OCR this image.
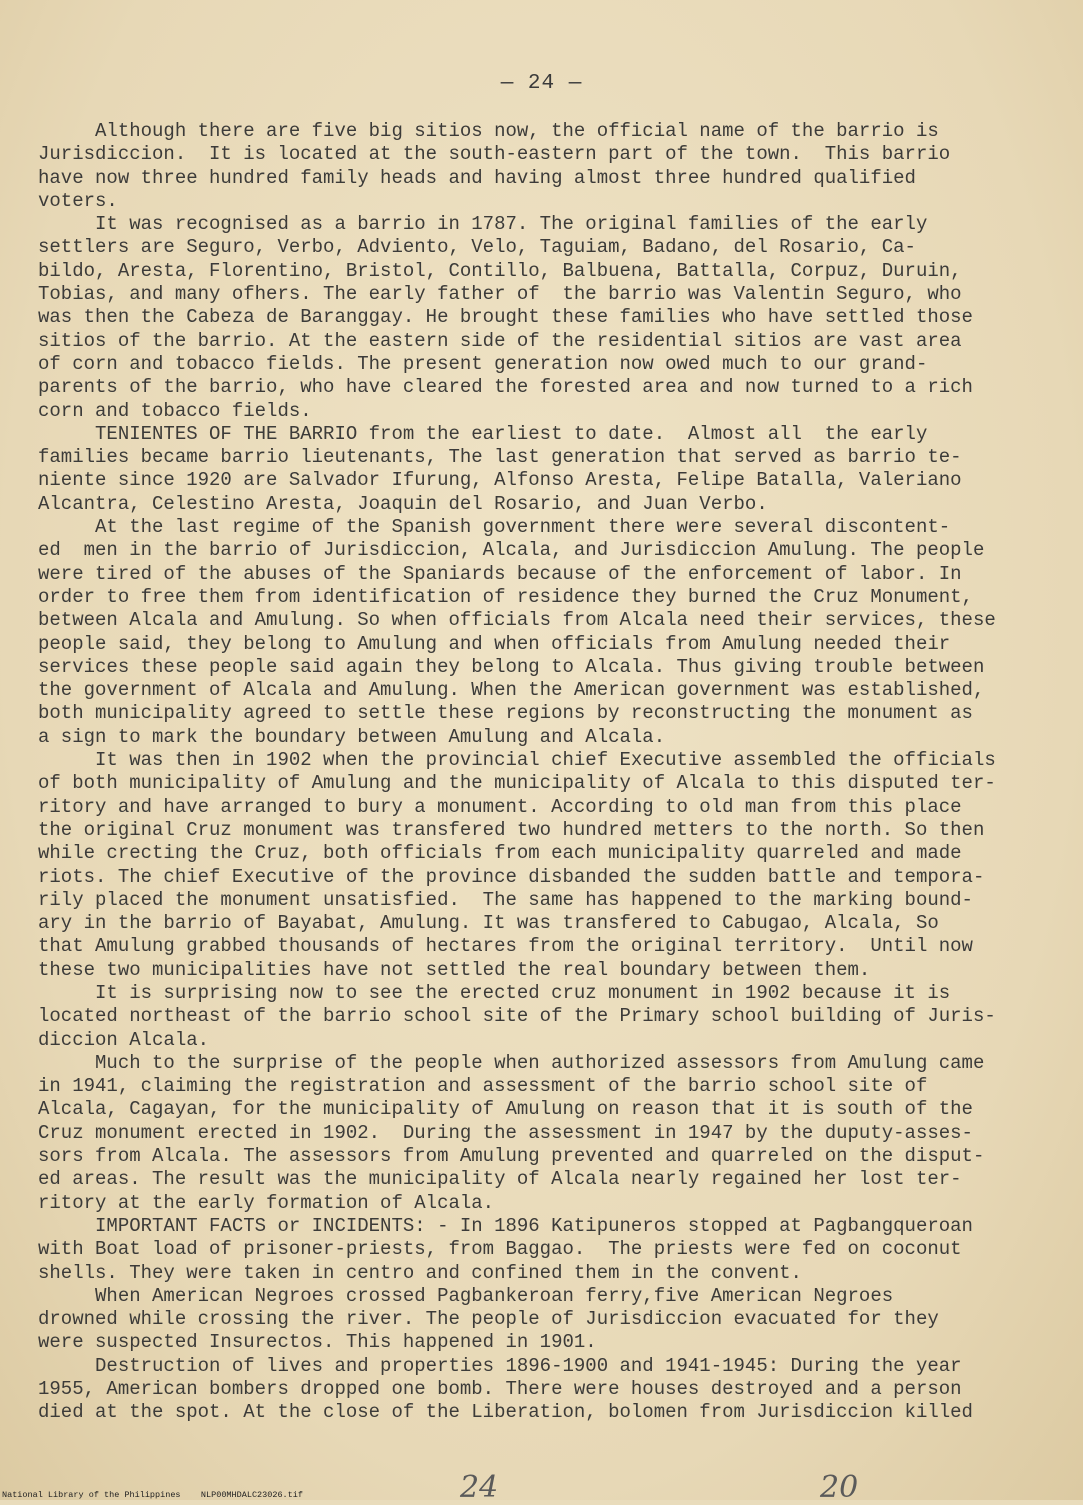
— 24 —
Although there are five big sitios now, the official name of the barrio is
Jurisdiccion.  It is located at the south-eastern part of the town.  This barrio
have now three hundred family heads and having almost three hundred qualified
voters.
It was recognised as a barrio in 1787. The original families of the early
settlers are Seguro, Verbo, Adviento, Velo, Taguiam, Badano, del Rosario, Ca-
bildo, Aresta, Florentino, Bristol, Contillo, Balbuena, Battalla, Corpuz, Duruin,
Tobias, and many ofhers. The early father of  the barrio was Valentin Seguro, who
was then the Cabeza de Baranggay. He brought these families who have settled those
sitios of the barrio. At the eastern side of the residential sitios are vast area
of corn and tobacco fields. The present generation now owed much to our grand-
parents of the barrio, who have cleared the forested area and now turned to a rich
corn and tobacco fields.
TENIENTES OF THE BARRIO from the earliest to date.  Almost all  the early
families became barrio lieutenants, The last generation that served as barrio te-
niente since 1920 are Salvador Ifurung, Alfonso Aresta, Felipe Batalla, Valeriano
Alcantra, Celestino Aresta, Joaquin del Rosario, and Juan Verbo.
At the last regime of the Spanish government there were several discontent-
ed  men in the barrio of Jurisdiccion, Alcala, and Jurisdiccion Amulung. The people
were tired of the abuses of the Spaniards because of the enforcement of labor. In
order to free them from identification of residence they burned the Cruz Monument,
between Alcala and Amulung. So when officials from Alcala need their services, these
people said, they belong to Amulung and when officials from Amulung needed their
services these people said again they belong to Alcala. Thus giving trouble between
the government of Alcala and Amulung. When the American government was established,
both municipality agreed to settle these regions by reconstructing the monument as
a sign to mark the boundary between Amulung and Alcala.
It was then in 1902 when the provincial chief Executive assembled the officials
of both municipality of Amulung and the municipality of Alcala to this disputed ter-
ritory and have arranged to bury a monument. According to old man from this place
the original Cruz monument was transfered two hundred metters to the north. So then
while crecting the Cruz, both officials from each municipality quarreled and made
riots. The chief Executive of the province disbanded the sudden battle and tempora-
rily placed the monument unsatisfied.  The same has happened to the marking bound-
ary in the barrio of Bayabat, Amulung. It was transfered to Cabugao, Alcala, So
that Amulung grabbed thousands of hectares from the original territory.  Until now
these two municipalities have not settled the real boundary between them.
It is surprising now to see the erected cruz monument in 1902 because it is
located northeast of the barrio school site of the Primary school building of Juris-
diccion Alcala.
Much to the surprise of the people when authorized assessors from Amulung came
in 1941, claiming the registration and assessment of the barrio school site of
Alcala, Cagayan, for the municipality of Amulung on reason that it is south of the
Cruz monument erected in 1902.  During the assessment in 1947 by the duputy-asses-
sors from Alcala. The assessors from Amulung prevented and quarreled on the disput-
ed areas. The result was the municipality of Alcala nearly regained her lost ter-
ritory at the early formation of Alcala.
IMPORTANT FACTS or INCIDENTS: - In 1896 Katipuneros stopped at Pagbangqueroan
with Boat load of prisoner-priests, from Baggao.  The priests were fed on coconut
shells. They were taken in centro and confined them in the convent.
When American Negroes crossed Pagbankeroan ferry,five American Negroes
drowned while crossing the river. The people of Jurisdiccion evacuated for they
were suspected Insurectos. This happened in 1901.
Destruction of lives and properties 1896-1900 and 1941-1945: During the year
1955, American bombers dropped one bomb. There were houses destroyed and a person
died at the spot. At the close of the Liberation, bolomen from Jurisdiccion killed
24	20
National Library of the Philippines    NLP00MHDALC23026.tif
